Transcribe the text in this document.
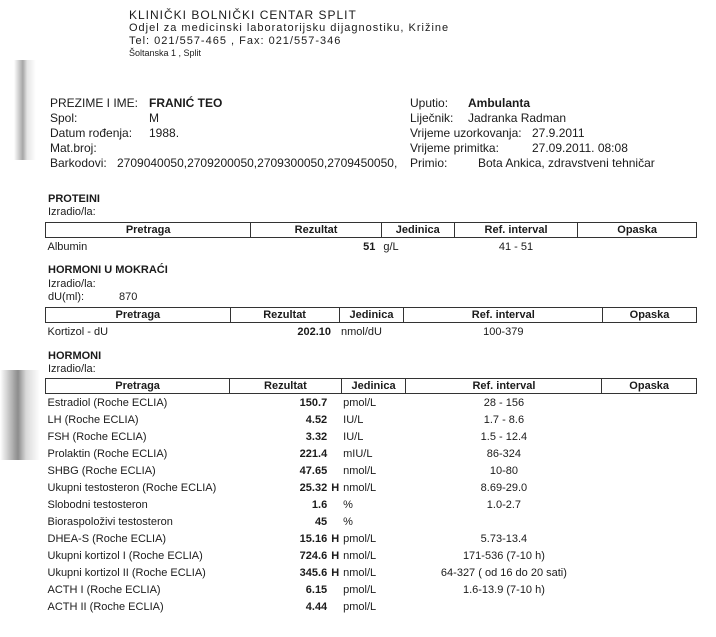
KLINIČKI BOLNIČKI CENTAR SPLIT
Odjel za medicinski laboratorijsku dijagnostiku, Križine
Tel: 021/557-465 , Fax: 021/557-346
Šoltanska 1 , Split
PREZIME I IME: FRANIĆ TEO
Spol:	M
Datum rođenja: 1988.
Mat.broj:
Barkodovi: 2709040050,2709200050,2709300050,2709450050,
Uputio: Ambulanta
Liječnik: Jadranka Radman
Vrijeme uzorkovanja: 27.9.2011
Vrijeme primitka:	27.09.2011. 08:08
Primio:	Bota Ankica, zdravstveni tehničar
PROTEINI
Izradio/la:
Pretraga	Rezultat		Jedinica	Ref. interval	Opaska
Albumin	51		g/L	41 - 51	
HORMONI U MOKRAĆI
Izradio/la:
dU(ml):	870
Pretraga	Rezultat		Jedinica	Ref. interval	Opaska
Kortizol - dU	202.10		nmol/dU	100-379	
HORMONI
Izradio/la:
Pretraga	Rezultat		Jedinica	Ref. interval	Opaska
Estradiol (Roche ECLIA)	150.7		pmol/L	28 - 156	
LH (Roche ECLIA)	4.52		IU/L	1.7 - 8.6	
FSH (Roche ECLIA)	3.32		IU/L	1.5 - 12.4	
Prolaktin (Roche ECLIA)	221.4		mIU/L	86-324	
SHBG (Roche ECLIA)	47.65		nmol/L	10-80	
Ukupni testosteron (Roche ECLIA)	25.32	H	nmol/L	8.69-29.0	
Slobodni testosteron	1.6		%	1.0-2.7	
Bioraspoloživi testosteron	45		%		
DHEA-S (Roche ECLIA)	15.16	H	pmol/L	5.73-13.4	
Ukupni kortizol I (Roche ECLIA)	724.6	H	nmol/L	171-536 (7-10 h)	
Ukupni kortizol II (Roche ECLIA)	345.6	H	nmol/L	64-327 ( od 16 do 20 sati)	
ACTH I (Roche ECLIA)	6.15		pmol/L	1.6-13.9 (7-10 h)	
ACTH II (Roche ECLIA)	4.44		pmol/L		
